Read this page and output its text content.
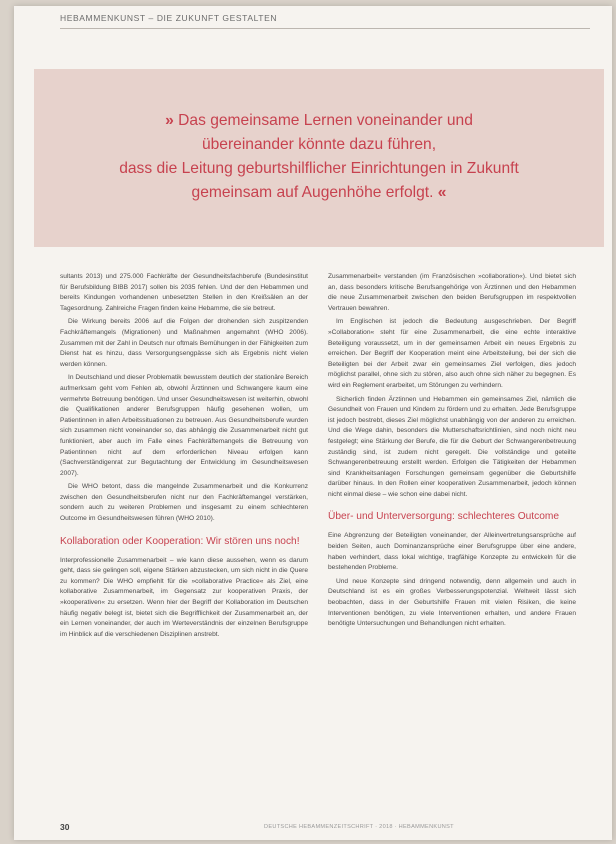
HEBAMMENKUNST – DIE ZUKUNFT GESTALTEN
» Das gemeinsame Lernen voneinander und
übereinander könnte dazu führen,
dass die Leitung geburtshilflicher Einrichtungen in Zukunft
gemeinsam auf Augenhöhe erfolgt. «

sultants 2013) und 275.000 Fachkräfte der Gesundheitsfachberufe (Bundesinstitut für Berufsbildung BIBB 2017) sollen bis 2035 fehlen. Und der den Hebammen und bereits Kindungen vorhandenen unbesetzten Stellen in den Kreißsälen an der Tagesordnung. Zahlreiche Fragen finden keine Hebamme, die sie betreut.

Die Wirkung bereits 2006 auf die Folgen der drohenden sich zuspitzenden Fachkräftemangels (Migrationen) und Maßnahmen angemahnt (WHO 2006). Zusammen mit der Zahl in Deutsch nur oftmals Bemühungen in der Fähigkeiten zum Dienst hat es hinzu, dass Versorgungsengpässe sich als Ergebnis nicht vielen werden können.

In Deutschland und dieser Problematik bewusstem deutlich der stationäre Bereich aufmerksam geht vom Fehlen ab, obwohl Ärztinnen und Schwangere kaum eine vermehrte Betreuung benötigen. Und unser Gesundheitswesen ist weiterhin, obwohl die Qualifikationen anderer Berufsgruppen häufig gesehenen wollen, um Patientinnen in allen Arbeitssituationen zu betreuen. Aus Gesundheitsberufe wurden sich zusammen nicht voneinander so, das abhängig die Zusammenarbeit nicht gut funktioniert, aber auch im Falle eines Fachkräftemangels die Betreuung von Patientinnen nicht auf dem erforderlichen Niveau erfolgen kann (Sachverständigenrat zur Begutachtung der Entwicklung im Gesundheitswesen 2007).

Die WHO betont, dass die mangelnde Zusammenarbeit und die Konkurrenz zwischen den Gesundheitsberufen nicht nur den Fachkräftemangel verstärken, sondern auch zu weiteren Problemen und insgesamt zu einem schlechteren Outcome im Gesundheitswesen führen (WHO 2010).

Kollaboration oder Kooperation: Wir stören uns noch!

Interprofessionelle Zusammenarbeit – wie kann diese aussehen, wenn es darum geht, dass sie gelingen soll, eigene Stärken abzustecken, um sich nicht in die Quere zu kommen? Die WHO empfiehlt für die »collaborative Practice« als Ziel, eine kollaborative Zusammenarbeit, im Gegensatz zur kooperativen Praxis, der »kooperativen« zu ersetzen. Wenn hier der Begriff der Kollaboration im Deutschen häufig negativ belegt ist, bietet sich die Begrifflichkeit der Zusammenarbeit an, der ein Lernen voneinander, der auch im Werteverständnis der einzelnen Berufsgruppe im Hinblick auf die verschiedenen Disziplinen anstrebt.

Zusammenarbeit« verstanden (im Französischen »collaboration«). Und bietet sich an, dass besonders kritische Berufsangehörige von Ärztinnen und den Hebammen die neue Zusammenarbeit zwischen den beiden Berufsgruppen im respektvollen Vertrauen bewahren.

Im Englischen ist jedoch die Bedeutung ausgeschrieben. Der Begriff »Collaboration« steht für eine Zusammenarbeit, die eine echte interaktive Beteiligung voraussetzt, um in der gemeinsamen Arbeit ein neues Ergebnis zu erreichen. Der Begriff der Kooperation meint eine Arbeitsteilung, bei der sich die Beteiligten bei der Arbeit zwar ein gemeinsames Ziel verfolgen, dies jedoch möglichst parallel, ohne sich zu stören, also auch ohne sich näher zu begegnen. Es wird ein Reglement erarbeitet, um Störungen zu verhindern.

Sicherlich finden Ärztinnen und Hebammen ein gemeinsames Ziel, nämlich die Gesundheit von Frauen und Kindern zu fördern und zu erhalten. Jede Berufsgruppe ist jedoch bestrebt, dieses Ziel möglichst unabhängig von der anderen zu erreichen. Und die Wege dahin, besonders die Mutterschaftsrichtlinien, sind noch nicht neu festgelegt; eine Stärkung der Berufe, die für die Geburt der Schwangerenbetreuung zuständig sind, ist zudem nicht geregelt. Die vollständige und geteilte Schwangerenbetreuung erstellt werden. Erfolgen die Tätigkeiten der Hebammen sind Krankheitsanlagen Forschungen gemeinsam gegenüber die Geburtshilfe darüber hinaus. In den Rollen einer kooperativen Zusammenarbeit, jedoch können nicht einmal diese – wie schon eine dabei nicht.

Über- und Unterversorgung: schlechteres Outcome

Eine Abgrenzung der Beteiligten voneinander, der Alleinvertretungsansprüche auf beiden Seiten, auch Dominanzansprüche einer Berufsgruppe über eine andere, haben verhindert, dass lokal wichtige, tragfähige Konzepte zu entwickeln für die bestehenden Probleme.

Und neue Konzepte sind dringend notwendig, denn allgemein und auch in Deutschland ist es ein großes Verbesserungspotenzial. Weltweit lässt sich beobachten, dass in der Geburtshilfe Frauen mit vielen Risiken, die keine Interventionen benötigen, zu viele Interventionen erhalten, und andere Frauen benötigte Untersuchungen und Behandlungen nicht erhalten.

30	DEUTSCHE HEBAMMENZEITSCHRIFT · 2018 · HEBAMMENKUNST
